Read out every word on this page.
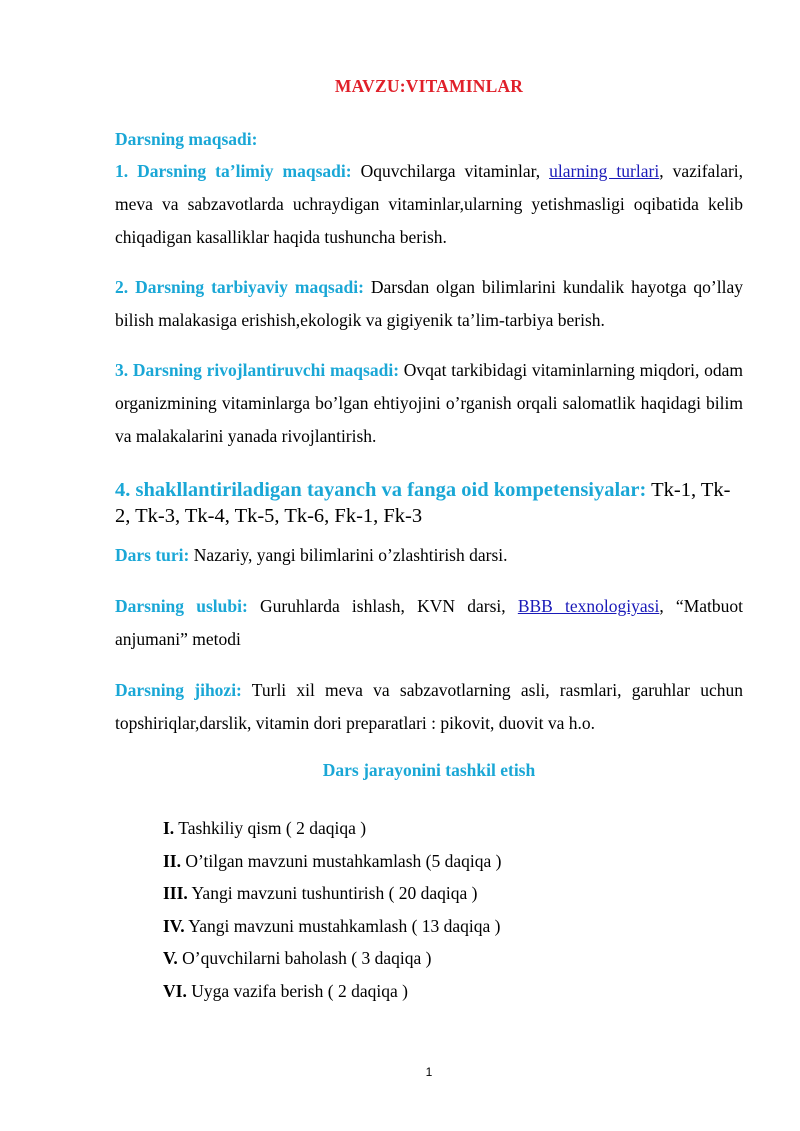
MAVZU:VITAMINLAR
Darsning maqsadi:
1. Darsning ta’limiy maqsadi: Oquvchilarga vitaminlar, ularning turlari, vazifalari, meva va sabzavotlarda uchraydigan vitaminlar,ularning yetishmasligi oqibatida kelib chiqadigan kasalliklar haqida tushuncha berish.
2. Darsning tarbiyaviy maqsadi: Darsdan olgan bilimlarini kundalik hayotga qo’llay bilish malakasiga erishish,ekologik va gigiyenik ta’lim-tarbiya berish.
3. Darsning rivojlantiruvchi maqsadi: Ovqat tarkibidagi vitaminlarning miqdori, odam organizmining vitaminlarga bo’lgan ehtiyojini o’rganish orqali salomatlik haqidagi bilim va malakalarini yanada rivojlantirish.
4. shakllantiriladigan tayanch va fanga oid kompetensiyalar: Tk-1, Tk-2, Tk-3, Tk-4, Tk-5, Tk-6, Fk-1, Fk-3
Dars turi: Nazariy, yangi bilimlarini o’zlashtirish darsi.
Darsning uslubi: Guruhlarda ishlash, KVN darsi, BBB texnologiyasi, “Matbuot anjumani” metodi
Darsning jihozi: Turli xil meva va sabzavotlarning asli, rasmlari, garuhlar uchun topshiriqlar,darslik, vitamin dori preparatlari : pikovit, duovit va h.o.
Dars jarayonini tashkil etish
I. Tashkiliy qism ( 2 daqiqa )
II. O’tilgan mavzuni mustahkamlash (5 daqiqa )
III. Yangi mavzuni tushuntirish ( 20 daqiqa )
IV. Yangi mavzuni mustahkamlash ( 13 daqiqa )
V. O’quvchilarni baholash ( 3 daqiqa )
VI. Uyga vazifa berish ( 2 daqiqa )
1
